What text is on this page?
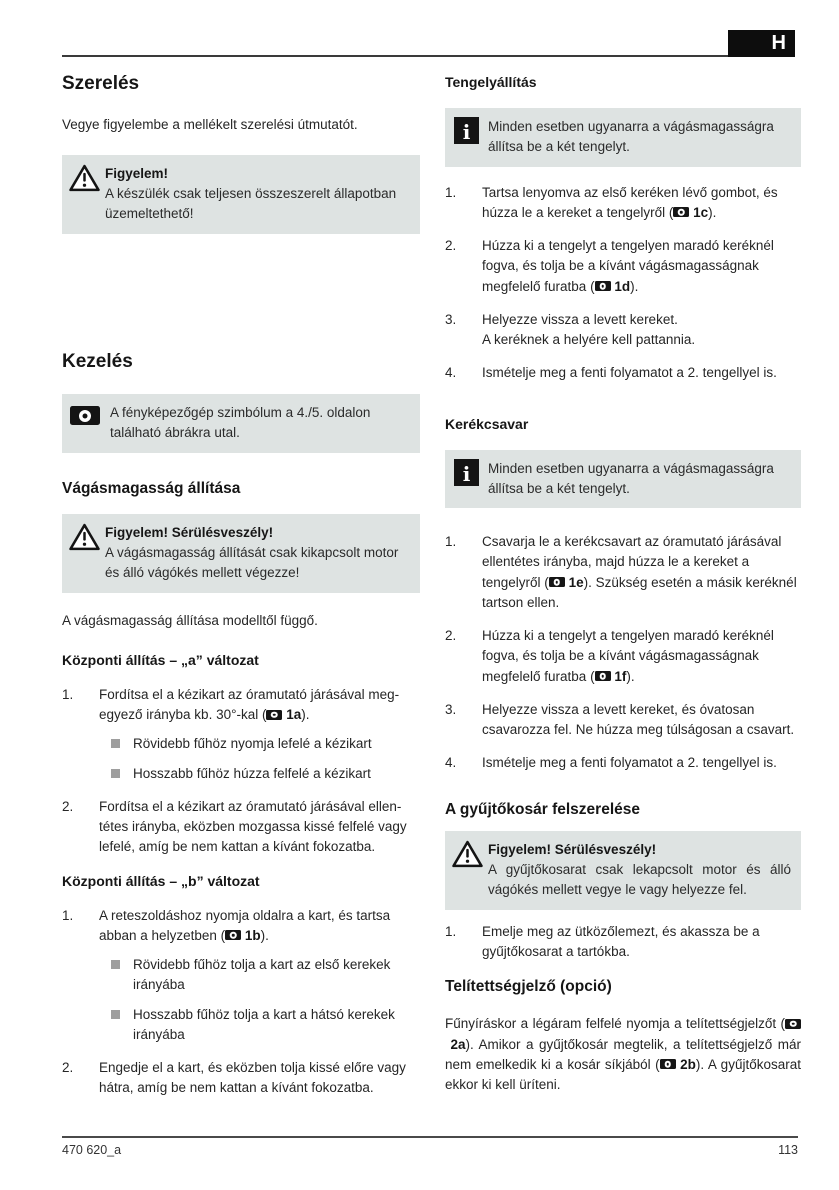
H
Szerelés
Vegye figyelembe a mellékelt szerelési útmutatót.
Figyelem!
A készülék csak teljesen összeszerelt állapotban üzemeltethető!
Kezelés
A fényképezőgép szimbólum a 4./5. oldalon található ábrákra utal.
Vágásmagasság állítása
Figyelem! Sérülésveszély!
A vágásmagasság állítását csak kikapcsolt motor és álló vágókés mellett végezze!
A vágásmagasság állítása modelltől függő.
Központi állítás – „a” változat
1.	Fordítsa el a kézikart az óramutató járásával megegyező irányba kb. 30°-kal ( 1a).
Rövidebb fűhöz nyomja lefelé a kézikart
Hosszabb fűhöz húzza felfelé a kézikart
2.	Fordítsa el a kézikart az óramutató járásával ellentétes irányba, eközben mozgassa kissé felfelé vagy lefelé, amíg be nem kattan a kívánt fokozatba.
Központi állítás – „b” változat
1.	A reteszoldáshoz nyomja oldalra a kart, és tartsa abban a helyzetben ( 1b).
Rövidebb fűhöz tolja a kart az első kerekek irányába
Hosszabb fűhöz tolja a kart a hátsó kerekek irányába
2.	Engedje el a kart, és eközben tolja kissé előre vagy hátra, amíg be nem kattan a kívánt fokozatba.
Tengelyállítás
i	Minden esetben ugyanarra a vágásmagasságra állítsa be a két tengelyt.
1.	Tartsa lenyomva az első keréken lévő gombot, és húzza le a kereket a tengelyről ( 1c).
2.	Húzza ki a tengelyt a tengelyen maradó keréknél fogva, és tolja be a kívánt vágásmagasságnak megfelelő furatba ( 1d).
3.	Helyezze vissza a levett kereket.
A keréknek a helyére kell pattannia.
4.	Ismételje meg a fenti folyamatot a 2. tengellyel is.
Kerékcsavar
i	Minden esetben ugyanarra a vágásmagasságra állítsa be a két tengelyt.
1.	Csavarja le a kerékcsavart az óramutató járásával ellentétes irányba, majd húzza le a kereket a tengelyről ( 1e). Szükség esetén a másik keréknél tartson ellen.
2.	Húzza ki a tengelyt a tengelyen maradó keréknél fogva, és tolja be a kívánt vágásmagasságnak megfelelő furatba ( 1f).
3.	Helyezze vissza a levett kereket, és óvatosan csavarozza fel. Ne húzza meg túlságosan a csavart.
4.	Ismételje meg a fenti folyamatot a 2. tengellyel is.
A gyűjtőkosár felszerelése
Figyelem! Sérülésveszély!
A gyűjtőkosarat csak lekapcsolt motor és álló vágókés mellett vegye le vagy helyezze fel.
1.	Emelje meg az ütközőlemezt, és akassza be a gyűjtőkosarat a tartókba.
Telítettségjelző (opció)
Fűnyíráskor a légáram felfelé nyomja a telítettségjelzőt ( 2a). Amikor a gyűjtőkosár megtelik, a telítettségjelző már nem emelkedik ki a kosár síkjából ( 2b). A gyűjtőkosarat ekkor ki kell üríteni.
470 620_a	113
